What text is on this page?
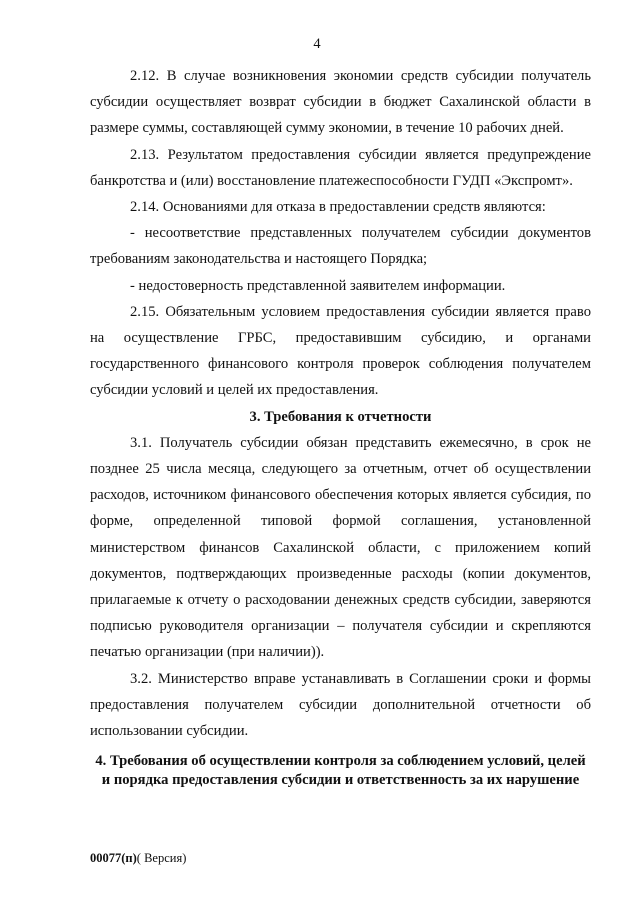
4

2.12. В случае возникновения экономии средств субсидии получатель субсидии осуществляет возврат субсидии в бюджет Сахалинской области в размере суммы, составляющей сумму экономии, в течение 10 рабочих дней.

2.13. Результатом предоставления субсидии является предупреждение банкротства и (или) восстановление платежеспособности ГУДП «Экспромт».

2.14. Основаниями для отказа в предоставлении средств являются:

- несоответствие представленных получателем субсидии документов требованиям законодательства и настоящего Порядка;

- недостоверность представленной заявителем информации.

2.15. Обязательным условием предоставления субсидии является право на осуществление ГРБС, предоставившим субсидию, и органами государственного финансового контроля проверок соблюдения получателем субсидии условий и целей их предоставления.

3. Требования к отчетности

3.1. Получатель субсидии обязан представить ежемесячно, в срок не позднее 25 числа месяца, следующего за отчетным, отчет об осуществлении расходов, источником финансового обеспечения которых является субсидия, по форме, определенной типовой формой соглашения, установленной министерством финансов Сахалинской области, с приложением копий документов, подтверждающих произведенные расходы (копии документов, прилагаемые к отчету о расходовании денежных средств субсидии, заверяются подписью руководителя организации – получателя субсидии и скрепляются печатью организации (при наличии)).

3.2. Министерство вправе устанавливать в Соглашении сроки и формы предоставления получателем субсидии дополнительной отчетности об использовании субсидии.

4. Требования об осуществлении контроля за соблюдением условий, целей и порядка предоставления субсидии и ответственность за их нарушение

00077(п)( Версия)
